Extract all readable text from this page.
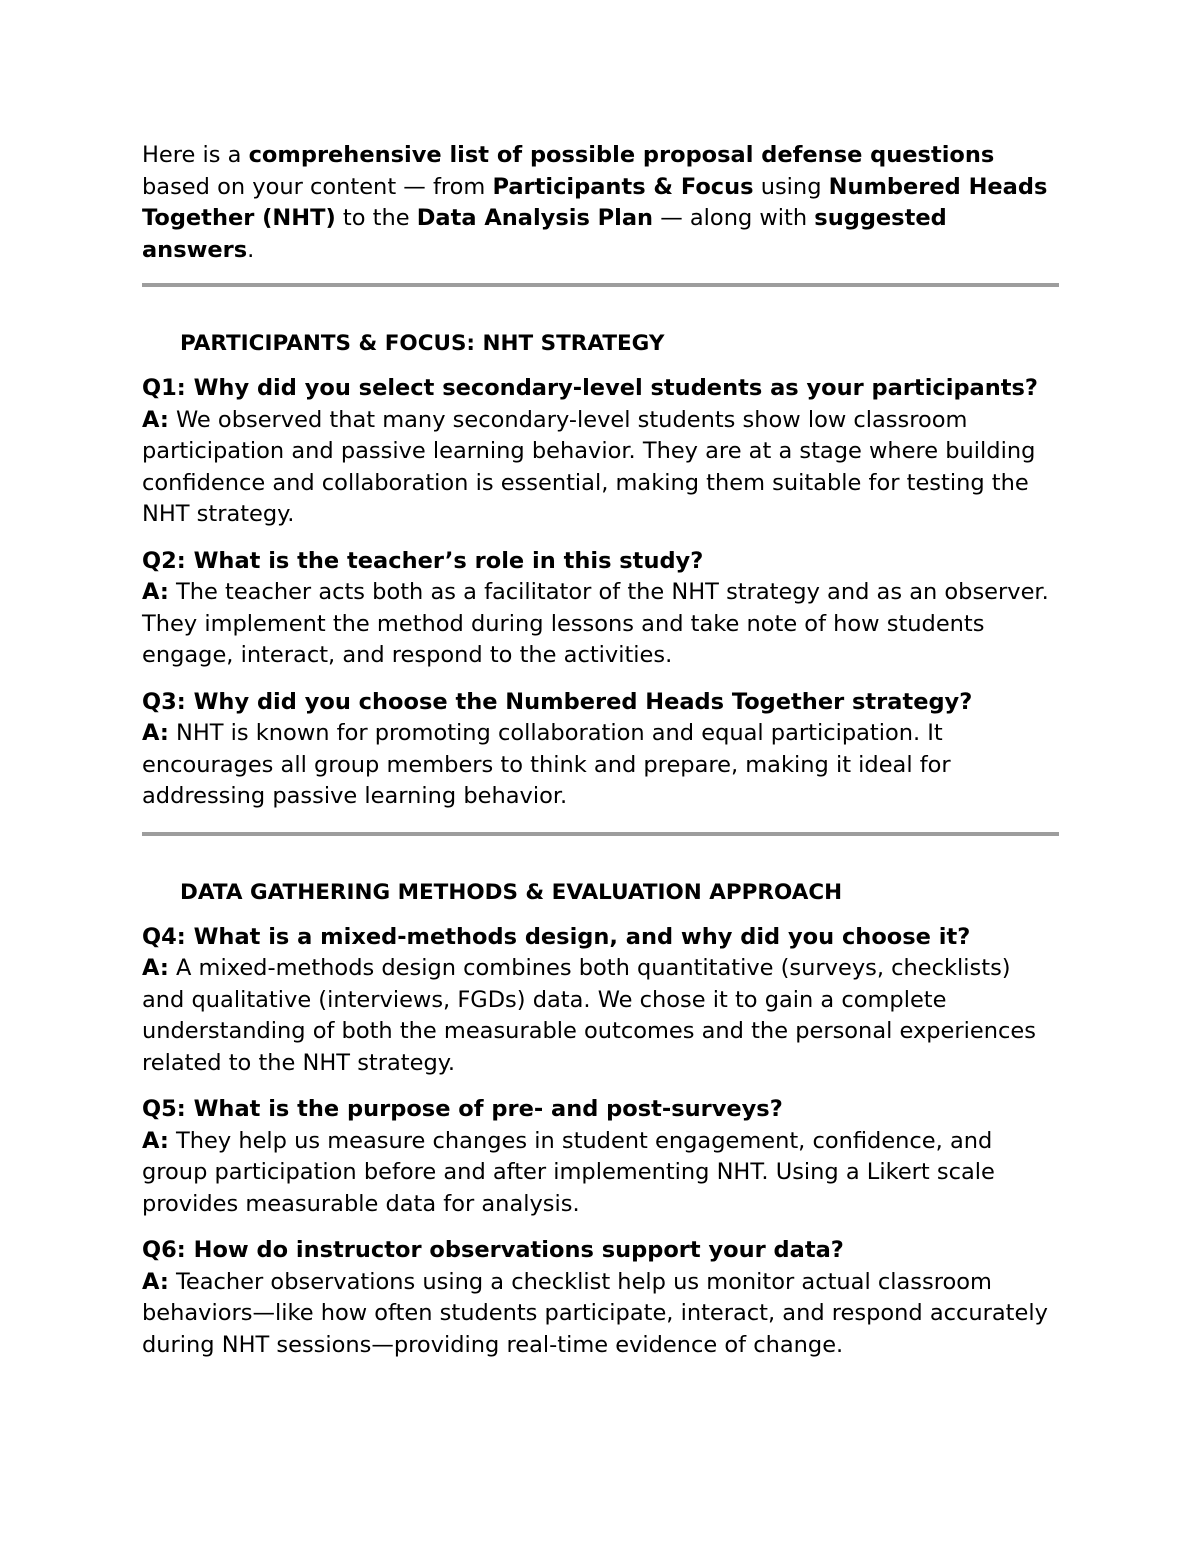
Here is a comprehensive list of possible proposal defense questions based on your content — from Participants & Focus using Numbered Heads Together (NHT) to the Data Analysis Plan — along with suggested answers.

PARTICIPANTS & FOCUS: NHT STRATEGY

Q1: Why did you select secondary-level students as your participants?
A: We observed that many secondary-level students show low classroom participation and passive learning behavior. They are at a stage where building confidence and collaboration is essential, making them suitable for testing the NHT strategy.

Q2: What is the teacher’s role in this study?
A: The teacher acts both as a facilitator of the NHT strategy and as an observer. They implement the method during lessons and take note of how students engage, interact, and respond to the activities.

Q3: Why did you choose the Numbered Heads Together strategy?
A: NHT is known for promoting collaboration and equal participation. It encourages all group members to think and prepare, making it ideal for addressing passive learning behavior.

DATA GATHERING METHODS & EVALUATION APPROACH

Q4: What is a mixed-methods design, and why did you choose it?
A: A mixed-methods design combines both quantitative (surveys, checklists) and qualitative (interviews, FGDs) data. We chose it to gain a complete understanding of both the measurable outcomes and the personal experiences related to the NHT strategy.

Q5: What is the purpose of pre- and post-surveys?
A: They help us measure changes in student engagement, confidence, and group participation before and after implementing NHT. Using a Likert scale provides measurable data for analysis.

Q6: How do instructor observations support your data?
A: Teacher observations using a checklist help us monitor actual classroom behaviors—like how often students participate, interact, and respond accurately during NHT sessions—providing real-time evidence of change.
